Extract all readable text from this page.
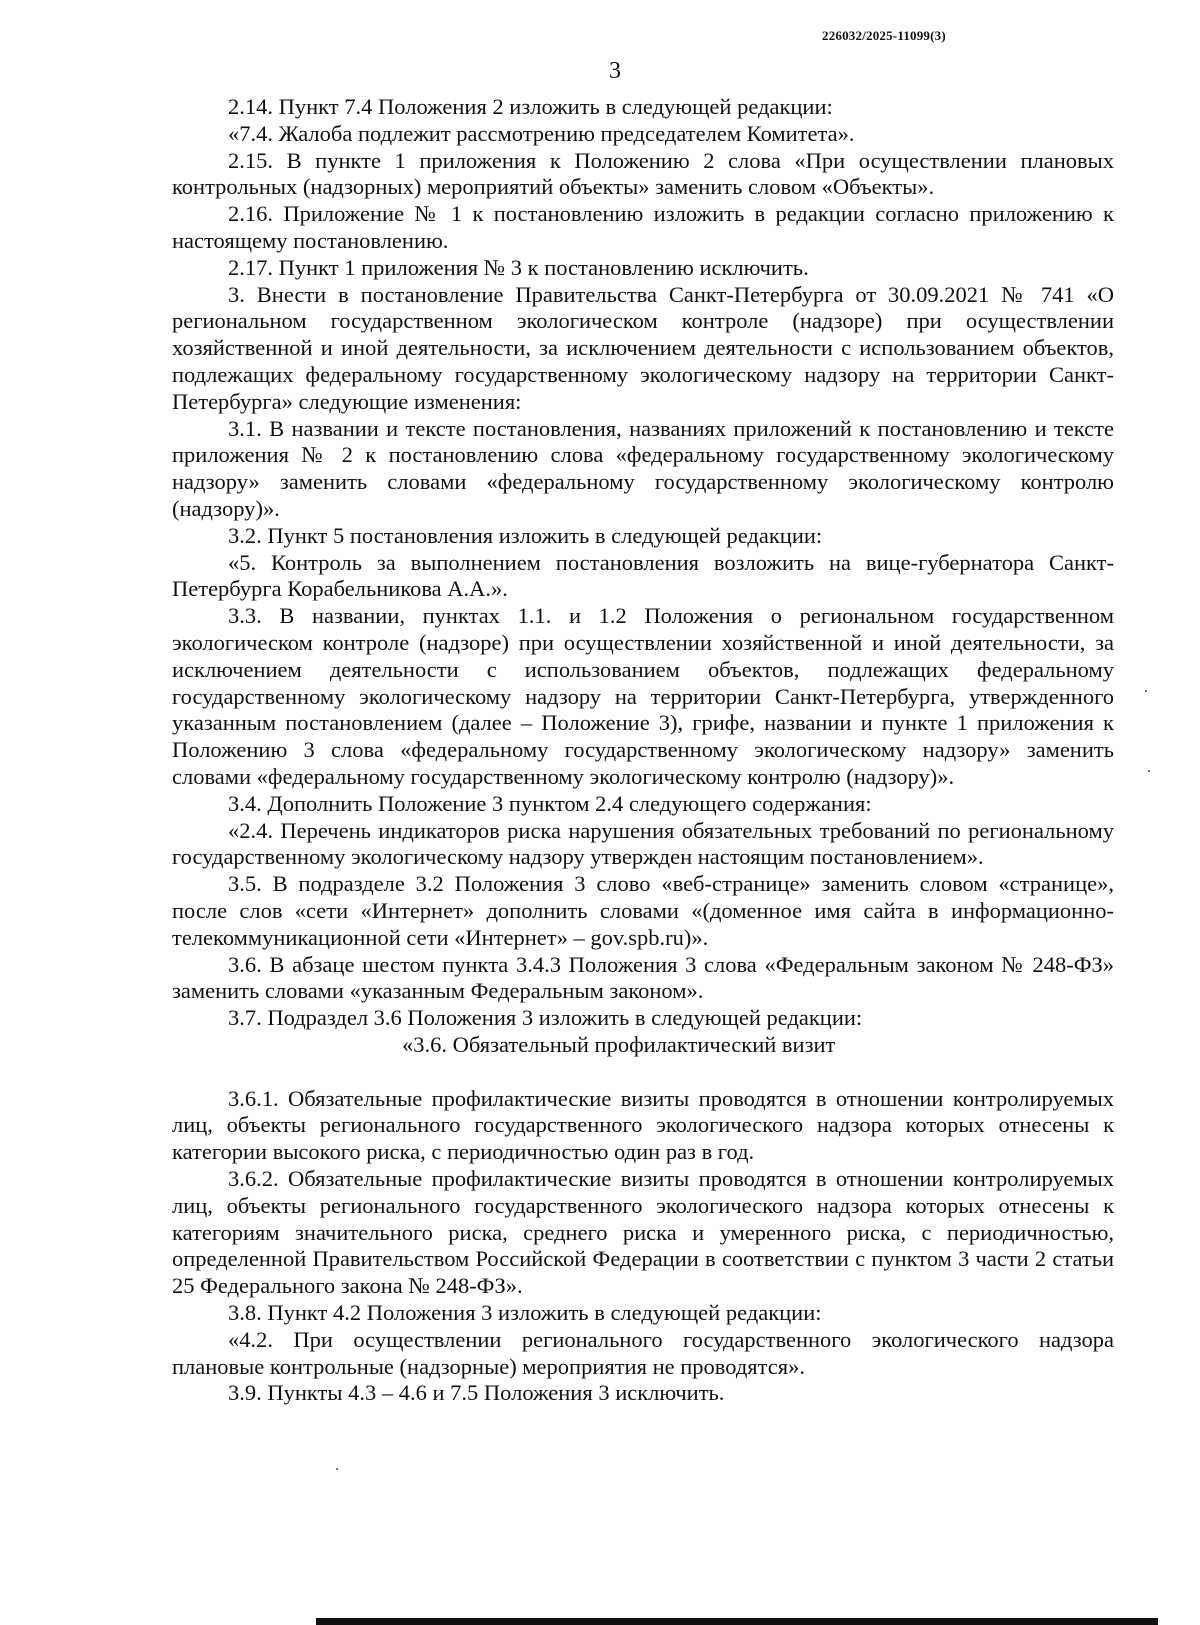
226032/2025-11099(3)
3

2.14. Пункт 7.4 Положения 2 изложить в следующей редакции:

«7.4. Жалоба подлежит рассмотрению председателем Комитета».

2.15. В пункте 1 приложения к Положению 2 слова «При осуществлении плановых контрольных (надзорных) мероприятий объекты» заменить словом «Объекты».

2.16. Приложение № 1 к постановлению изложить в редакции согласно приложению к настоящему постановлению.

2.17. Пункт 1 приложения № 3 к постановлению исключить.

3. Внести в постановление Правительства Санкт-Петербурга от 30.09.2021 № 741 «О региональном государственном экологическом контроле (надзоре) при осуществлении хозяйственной и иной деятельности, за исключением деятельности с использованием объектов, подлежащих федеральному государственному экологическому надзору на территории Санкт-Петербурга» следующие изменения:

3.1. В названии и тексте постановления, названиях приложений к постановлению и тексте приложения № 2 к постановлению слова «федеральному государственному экологическому надзору» заменить словами «федеральному государственному экологическому контролю (надзору)».

3.2. Пункт 5 постановления изложить в следующей редакции:

«5. Контроль за выполнением постановления возложить на вице-губернатора Санкт-Петербурга Корабельникова А.А.».

3.3. В названии, пунктах 1.1. и 1.2 Положения о региональном государственном экологическом контроле (надзоре) при осуществлении хозяйственной и иной деятельности, за исключением деятельности с использованием объектов, подлежащих федеральному государственному экологическому надзору на территории Санкт-Петербурга, утвержденного указанным постановлением (далее – Положение 3), грифе, названии и пункте 1 приложения к Положению 3 слова «федеральному государственному экологическому надзору» заменить словами «федеральному государственному экологическому контролю (надзору)».

3.4. Дополнить Положение 3 пунктом 2.4 следующего содержания:

«2.4. Перечень индикаторов риска нарушения обязательных требований по региональному государственному экологическому надзору утвержден настоящим постановлением».

3.5. В подразделе 3.2 Положения 3 слово «веб-странице» заменить словом «странице», после слов «сети «Интернет» дополнить словами «(доменное имя сайта в информационно-телекоммуникационной сети «Интернет» – gov.spb.ru)».

3.6. В абзаце шестом пункта 3.4.3 Положения 3 слова «Федеральным законом № 248-ФЗ» заменить словами «указанным Федеральным законом».

3.7. Подраздел 3.6 Положения 3 изложить в следующей редакции:

«3.6. Обязательный профилактический визит

3.6.1. Обязательные профилактические визиты проводятся в отношении контролируемых лиц, объекты регионального государственного экологического надзора которых отнесены к категории высокого риска, с периодичностью один раз в год.

3.6.2. Обязательные профилактические визиты проводятся в отношении контролируемых лиц, объекты регионального государственного экологического надзора которых отнесены к категориям значительного риска, среднего риска и умеренного риска, с периодичностью, определенной Правительством Российской Федерации в соответствии с пунктом 3 части 2 статьи 25 Федерального закона № 248-ФЗ».

3.8. Пункт 4.2 Положения 3 изложить в следующей редакции:

«4.2. При осуществлении регионального государственного экологического надзора плановые контрольные (надзорные) мероприятия не проводятся».

3.9. Пункты 4.3 – 4.6 и 7.5 Положения 3 исключить.
